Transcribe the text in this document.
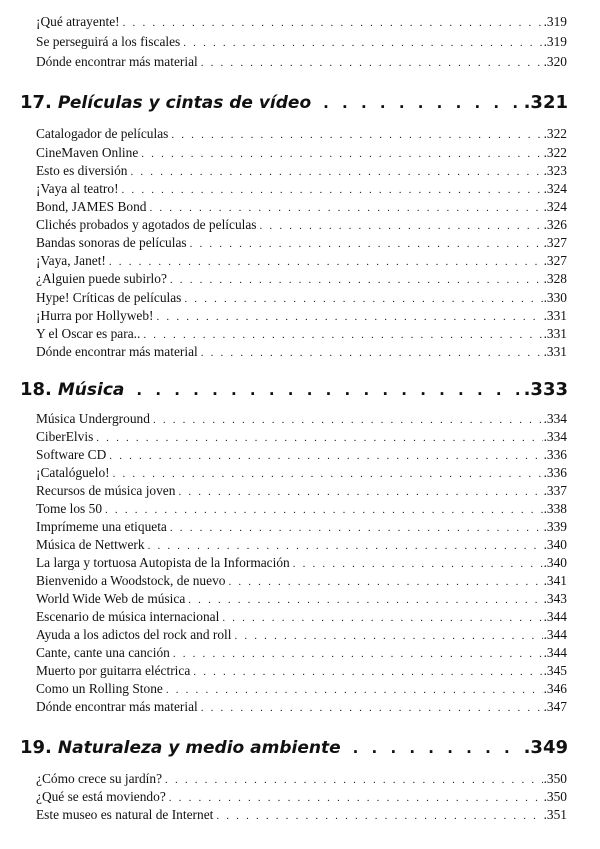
¡Qué atrayente! . . .	.319
Se perseguirá a los fiscales . . .	.319
Dónde encontrar más material . . .	.320
17. Películas y cintas de vídeo . . .	.321
Catalogador de películas . . .	.322
CineMaven Online . . .	.322
Esto es diversión . . .	.323
¡Vaya al teatro! . . .	.324
Bond, JAMES Bond . . .	.324
Clichés probados y agotados de películas . . .	.326
Bandas sonoras de películas . . .	.327
¡Vaya, Janet! . . .	.327
¿Alguien puede subirlo? . . .	.328
Hype! Críticas de películas . . .	.330
¡Hurra por Hollyweb! . . .	.331
Y el Oscar es para.. . . .	.331
Dónde encontrar más material . . .	.331
18. Música . . .	.333
Música Underground . . .	.334
CiberElvis . . .	.334
Software CD . . .	.336
¡Catalóguelo! . . .	.336
Recursos de música joven . . .	.337
Tome los 50 . . .	.338
Imprímeme una etiqueta . . .	.339
Música de Nettwerk . . .	.340
La larga y tortuosa Autopista de la Información . . .	.340
Bienvenido a Woodstock, de nuevo . . .	.341
World Wide Web de música . . .	.343
Escenario de música internacional . . .	.344
Ayuda a los adictos del rock and roll . . .	.344
Cante, cante una canción . . .	.344
Muerto por guitarra eléctrica . . .	.345
Como un Rolling Stone . . .	.346
Dónde encontrar más material . . .	.347
19. Naturaleza y medio ambiente . . .	.349
¿Cómo crece su jardín? . . .	.350
¿Qué se está moviendo? . . .	.350
Este museo es natural de Internet . . .	.351
